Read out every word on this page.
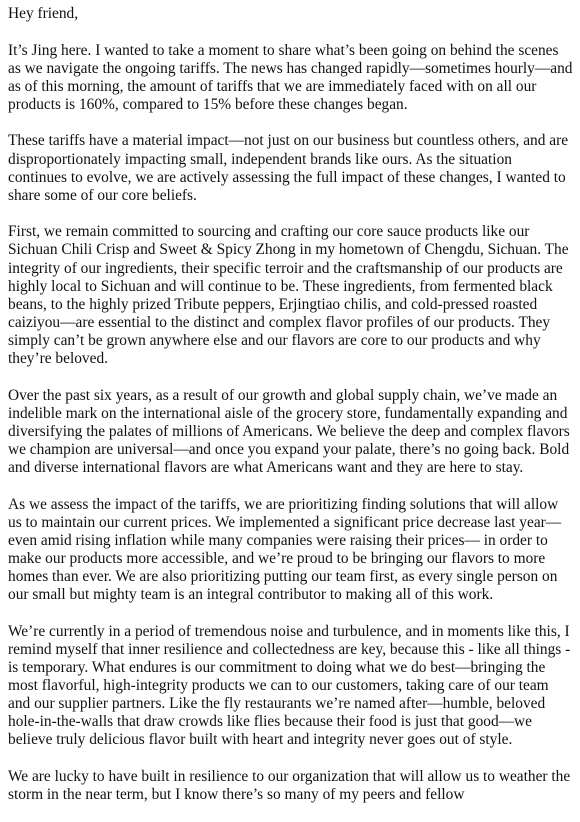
Hey friend,

It’s Jing here. I wanted to take a moment to share what’s been going on behind the scenes as we navigate the ongoing tariffs. The news has changed rapidly—sometimes hourly—and as of this morning, the amount of tariffs that we are immediately faced with on all our products is 160%, compared to 15% before these changes began.

These tariffs have a material impact—not just on our business but countless others, and are disproportionately impacting small, independent brands like ours. As the situation continues to evolve, we are actively assessing the full impact of these changes, I wanted to share some of our core beliefs.

First, we remain committed to sourcing and crafting our core sauce products like our Sichuan Chili Crisp and Sweet & Spicy Zhong in my hometown of Chengdu, Sichuan. The integrity of our ingredients, their specific terroir and the craftsmanship of our products are highly local to Sichuan and will continue to be. These ingredients, from fermented black beans, to the highly prized Tribute peppers, Erjingtiao chilis, and cold-pressed roasted caiziyou—are essential to the distinct and complex flavor profiles of our products. They simply can’t be grown anywhere else and our flavors are core to our products and why they’re beloved.

Over the past six years, as a result of our growth and global supply chain, we’ve made an indelible mark on the international aisle of the grocery store, fundamentally expanding and diversifying the palates of millions of Americans. We believe the deep and complex flavors we champion are universal—and once you expand your palate, there’s no going back. Bold and diverse international flavors are what Americans want and they are here to stay.

As we assess the impact of the tariffs, we are prioritizing finding solutions that will allow us to maintain our current prices. We implemented a significant price decrease last year—even amid rising inflation while many companies were raising their prices— in order to make our products more accessible, and we’re proud to be bringing our flavors to more homes than ever. We are also prioritizing putting our team first, as every single person on our small but mighty team is an integral contributor to making all of this work.

We’re currently in a period of tremendous noise and turbulence, and in moments like this, I remind myself that inner resilience and collectedness are key, because this - like all things - is temporary. What endures is our commitment to doing what we do best—bringing the most flavorful, high-integrity products we can to our customers, taking care of our team and our supplier partners. Like the fly restaurants we’re named after—humble, beloved hole-in-the-walls that draw crowds like flies because their food is just that good—we believe truly delicious flavor built with heart and integrity never goes out of style.

We are lucky to have built in resilience to our organization that will allow us to weather the storm in the near term, but I know there’s so many of my peers and fellow
